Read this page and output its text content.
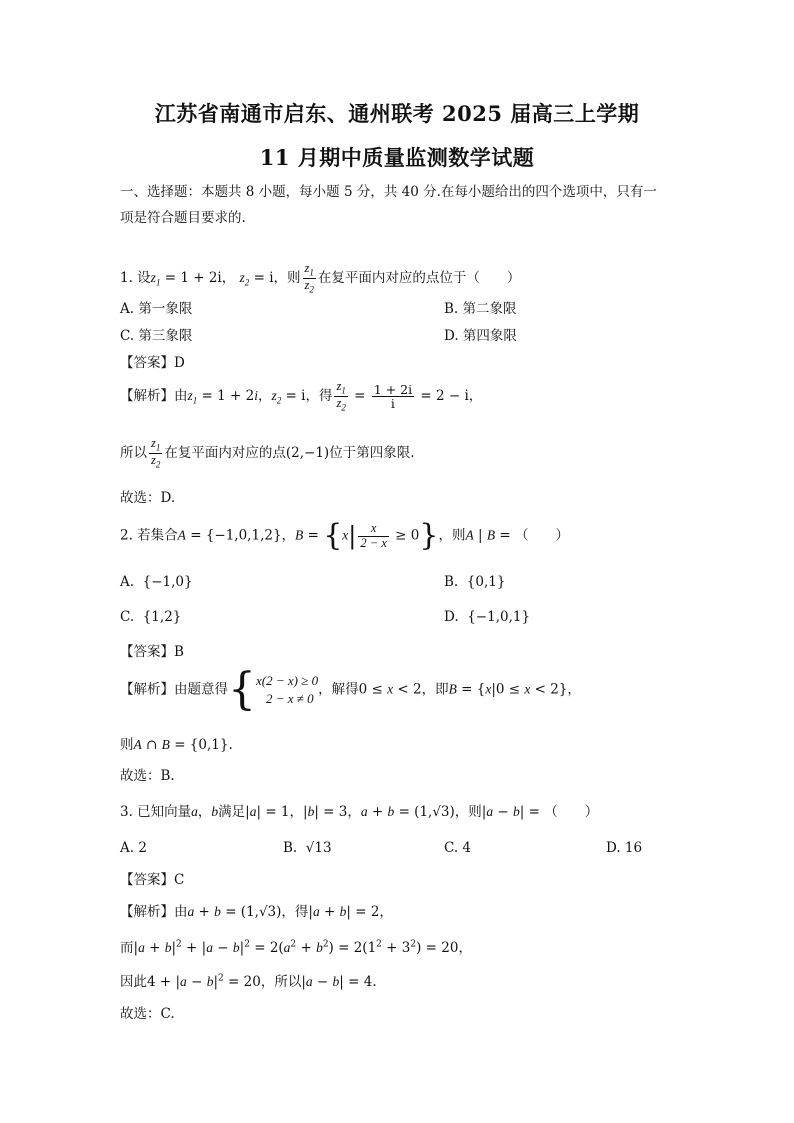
江苏省南通市启东、通州联考 2025 届高三上学期
11 月期中质量监测数学试题
一、选择题：本题共 8 小题，每小题 5 分，共 40 分.在每小题给出的四个选项中，只有一
项是符合题目要求的.
1. 设$z_1 = 1 + 2i$， $z_2 = i$，则 $\frac{z_1}{z_2}$ 在复平面内对应的点位于（　　）
A. 第一象限	B. 第二象限
C. 第三象限	D. 第四象限
【答案】D
【解析】由$z_1 = 1 + 2i$，$z_2 = i$，得 $\frac{z_1}{z_2} = \frac{1 + 2i}{i} = 2 - i$，
所以 $\frac{z_1}{z_2}$ 在复平面内对应的点(2,−1)位于第四象限.
故选：D.
2. 若集合A = {−1,0,1,2}，$B = \{x| \frac{x}{2 - x} \ge 0\}$，则A | B = （　　）
A.  {−1,0}	B.  {0,1}
C.  {1,2}	D.  {−1,0,1}
【答案】B
【解析】由题意得{ x(2 − x) ≥ 0
2 − x ≠ 0
，解得0 ≤ x < 2，即B = {x|0 ≤ x < 2}，
则A ∩ B = {0,1}.
故选：B.
3. 已知向量a，b满足|a| = 1，|b| = 3，a + b = (1,√3)，则|a − b| = （　　）
A. 2	B.  √13	C. 4	D. 16
【答案】C
【解析】由a + b = (1,√3)，得|a + b| = 2，
而$|a + b|^2 + |a - b|^2 = 2(a^2 + b^2) = 2(1^2 + 3^2) = 20$，
因此$4 + |a - b|^2 = 20$，所以|a − b| = 4.
故选：C.
